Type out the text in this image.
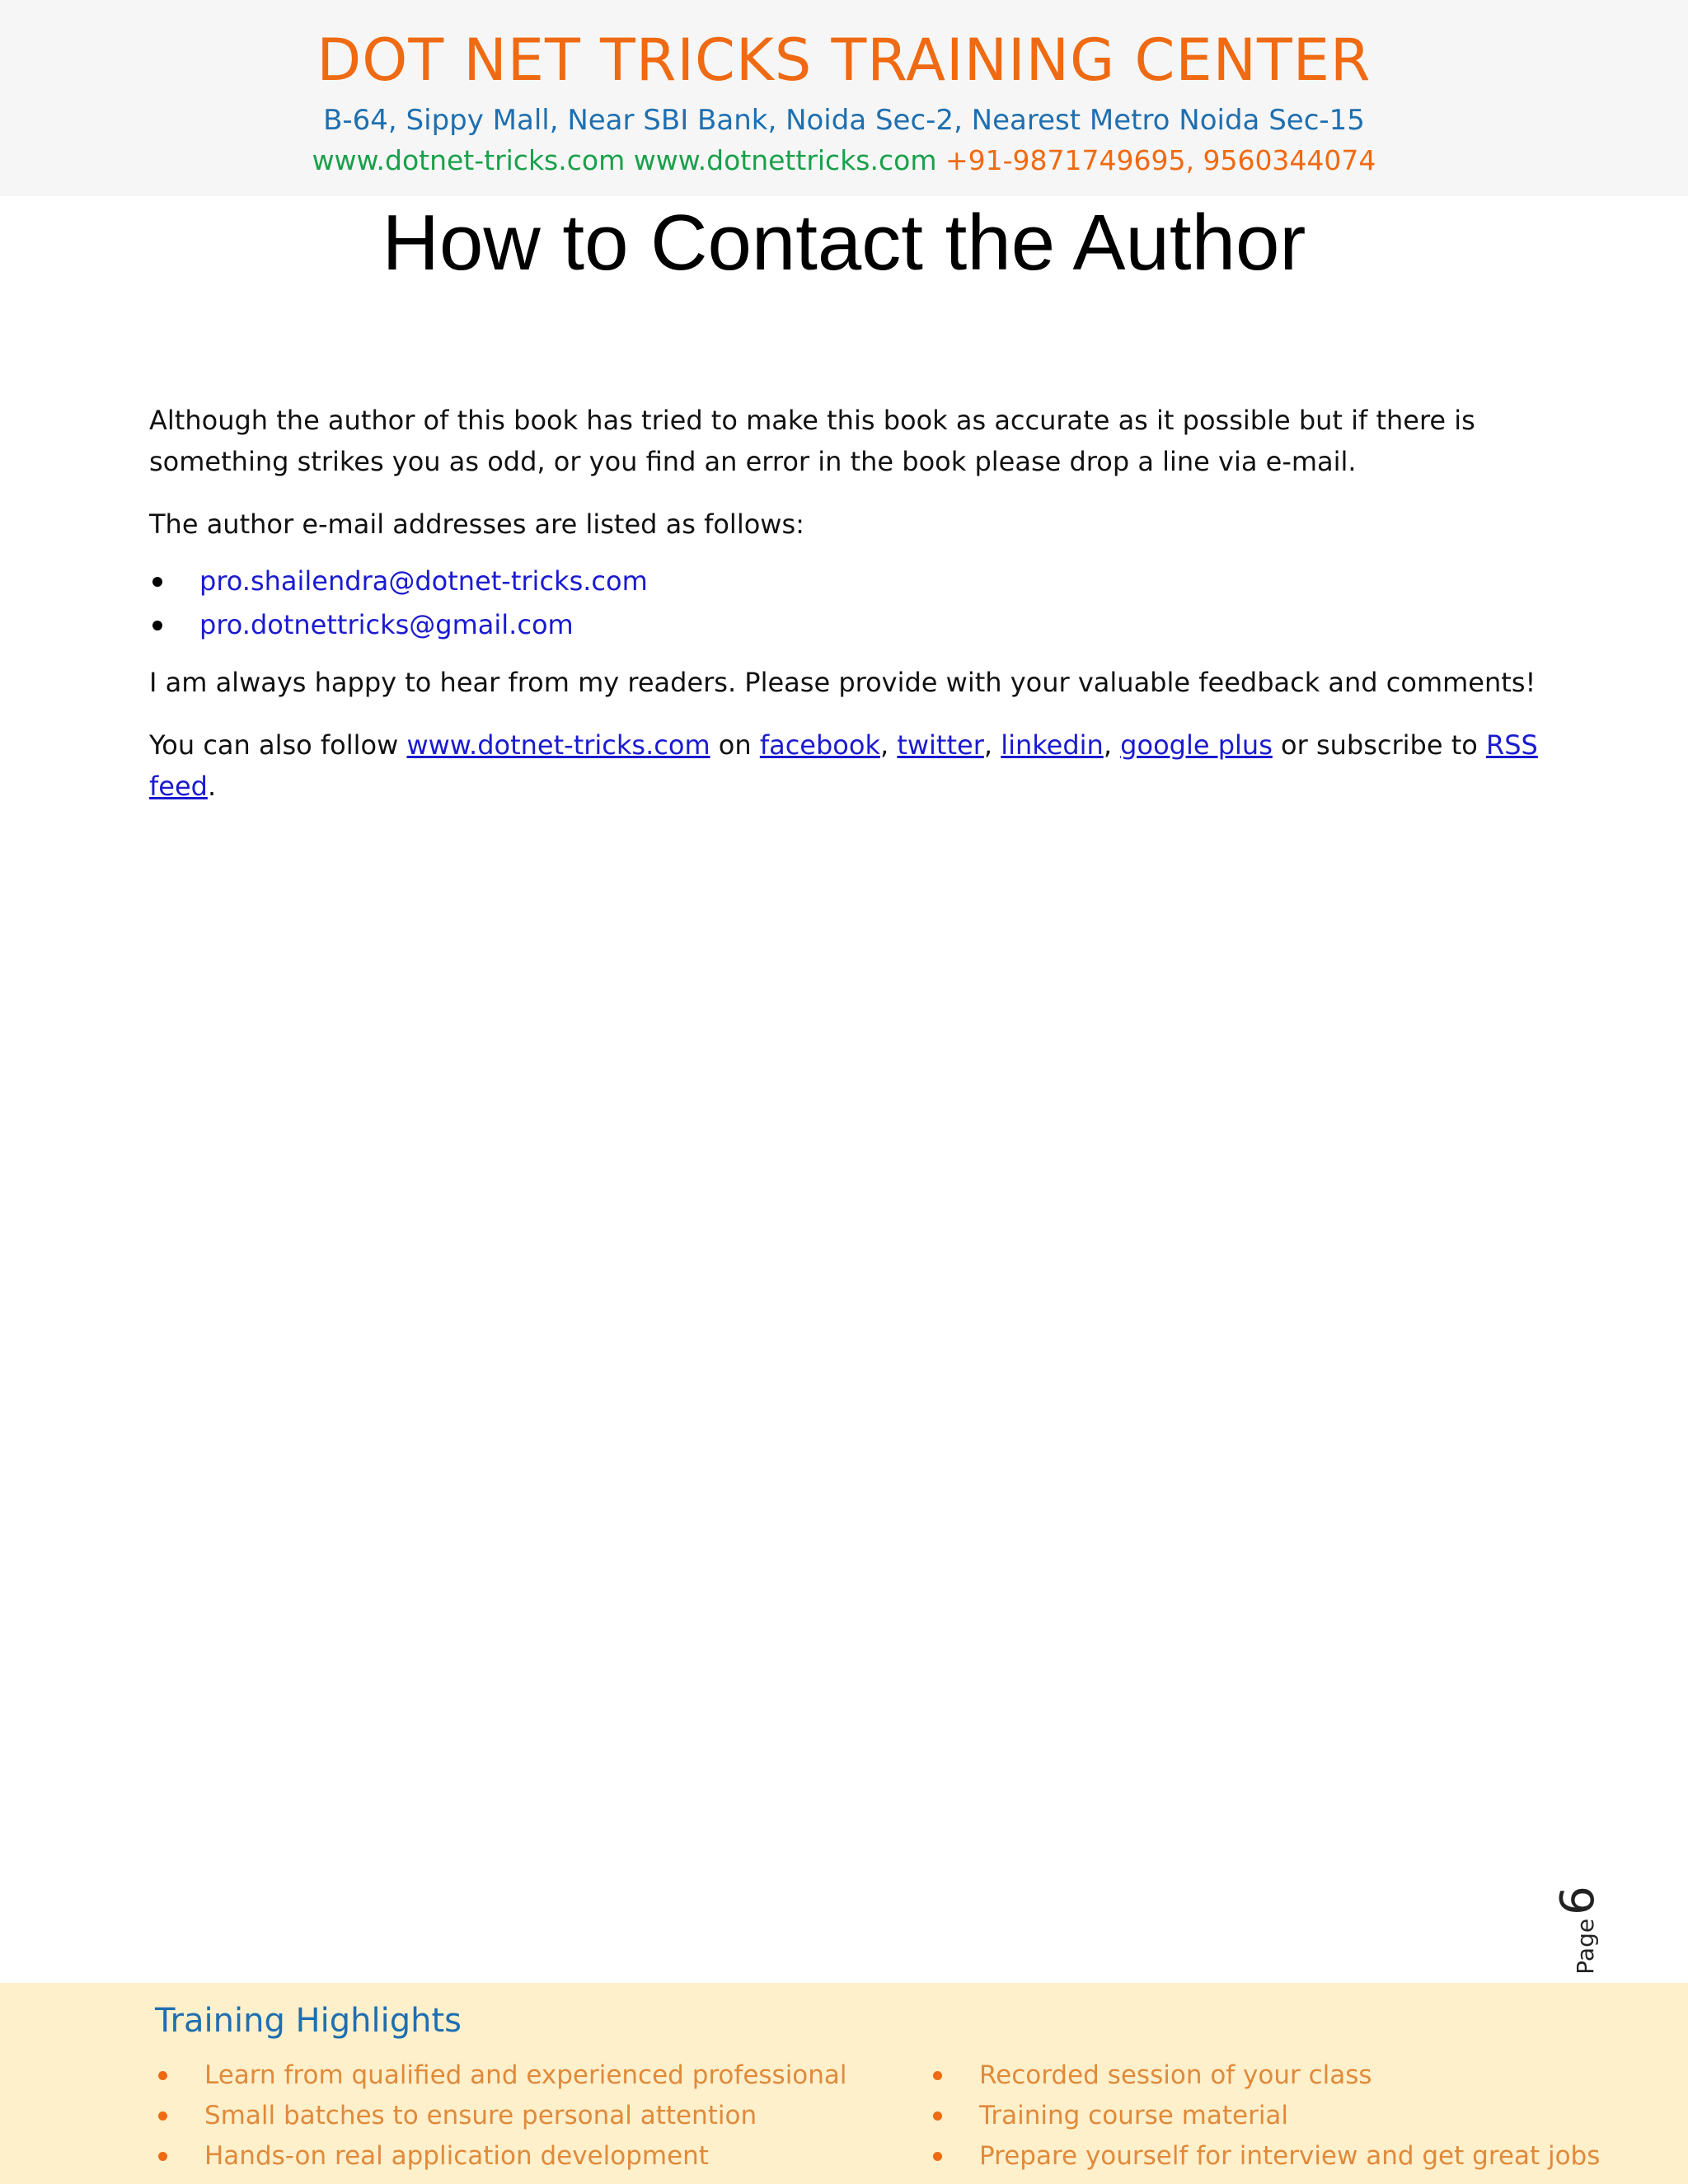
DOT NET TRICKS TRAINING CENTER
B-64, Sippy Mall, Near SBI Bank, Noida Sec-2, Nearest Metro Noida Sec-15
www.dotnet-tricks.com www.dotnettricks.com +91-9871749695, 9560344074
How to Contact the Author

Although the author of this book has tried to make this book as accurate as it possible but if there is something strikes you as odd, or you find an error in the book please drop a line via e-mail.

The author e-mail addresses are listed as follows:

pro.shailendra@dotnet-tricks.com
pro.dotnettricks@gmail.com

I am always happy to hear from my readers. Please provide with your valuable feedback and comments!

You can also follow www.dotnet-tricks.com on facebook, twitter, linkedin, google plus or subscribe to RSS feed.

Page
6
Training Highlights
Learn from qualified and experienced professional
Small batches to ensure personal attention
Hands-on real application development
Recorded session of your class
Training course material
Prepare yourself for interview and get great jobs
